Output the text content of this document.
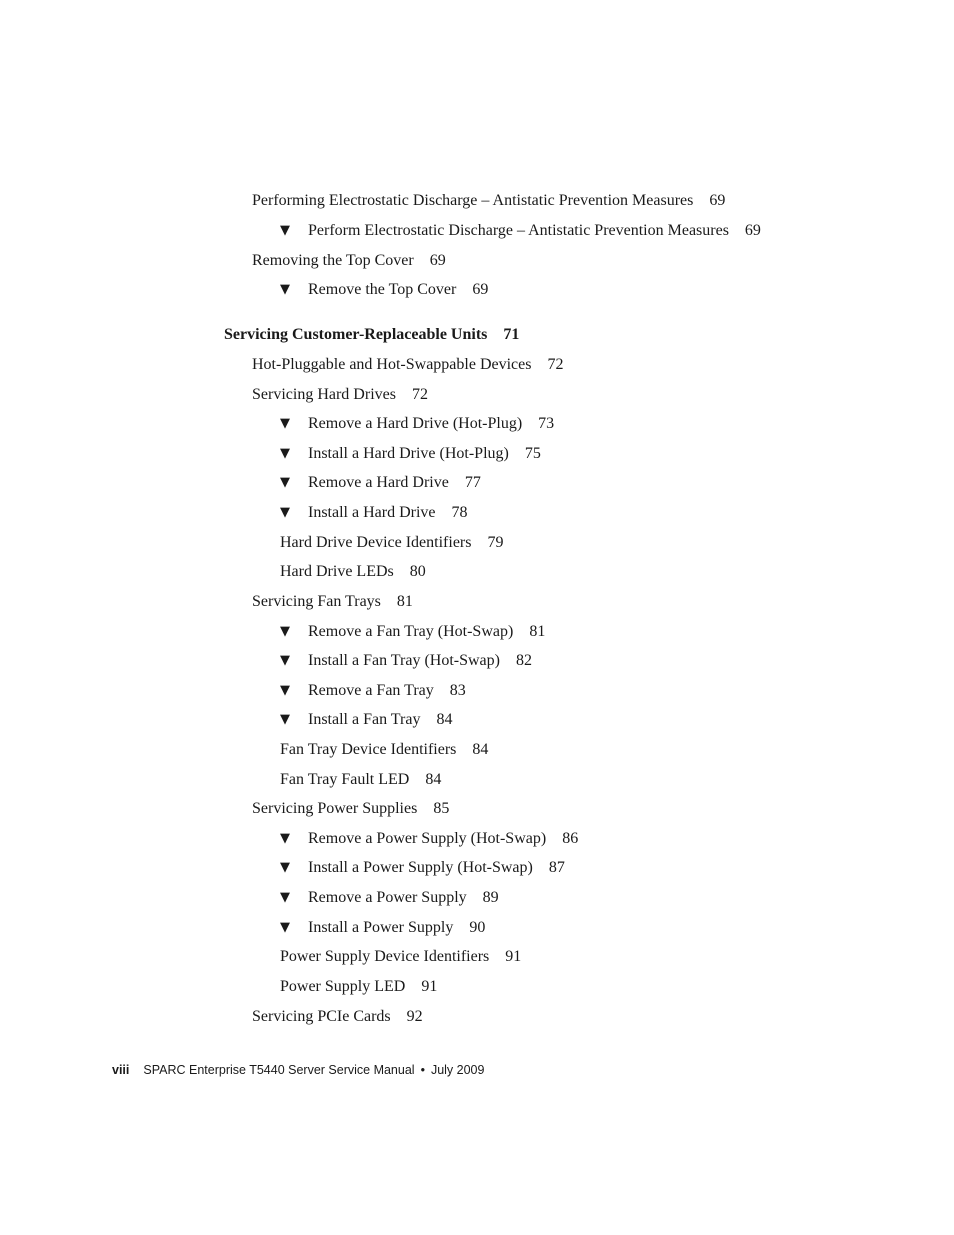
Performing Electrostatic Discharge – Antistatic Prevention Measures 69
▼ Perform Electrostatic Discharge – Antistatic Prevention Measures 69
Removing the Top Cover 69
▼ Remove the Top Cover 69
Servicing Customer-Replaceable Units 71
Hot-Pluggable and Hot-Swappable Devices 72
Servicing Hard Drives 72
▼ Remove a Hard Drive (Hot-Plug) 73
▼ Install a Hard Drive (Hot-Plug) 75
▼ Remove a Hard Drive 77
▼ Install a Hard Drive 78
Hard Drive Device Identifiers 79
Hard Drive LEDs 80
Servicing Fan Trays 81
▼ Remove a Fan Tray (Hot-Swap) 81
▼ Install a Fan Tray (Hot-Swap) 82
▼ Remove a Fan Tray 83
▼ Install a Fan Tray 84
Fan Tray Device Identifiers 84
Fan Tray Fault LED 84
Servicing Power Supplies 85
▼ Remove a Power Supply (Hot-Swap) 86
▼ Install a Power Supply (Hot-Swap) 87
▼ Remove a Power Supply 89
▼ Install a Power Supply 90
Power Supply Device Identifiers 91
Power Supply LED 91
Servicing PCIe Cards 92
viii SPARC Enterprise T5440 Server Service Manual • July 2009
